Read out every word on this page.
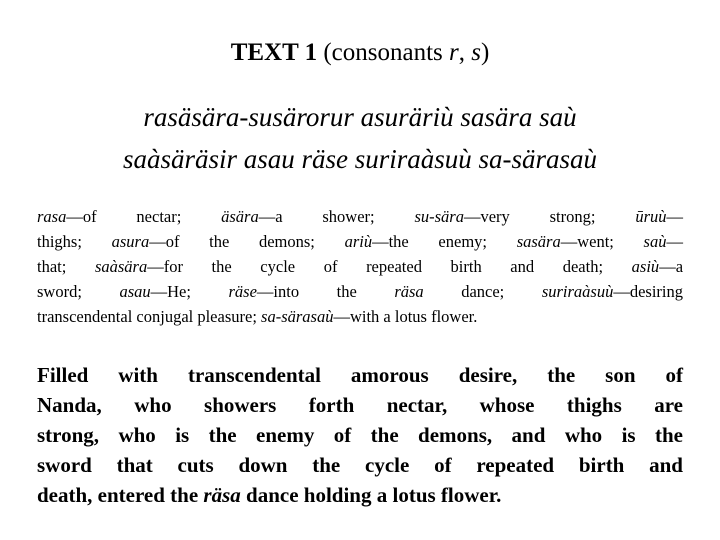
TEXT 1 (consonants r, s)
rasäsära-susärorur asuräriù sasära saù
saàsäräsir asau räse suriraàsuù sa-särasaù
rasa—of nectar; äsära—a shower; su-sära—very strong; ūruù—
thighs; asura—of the demons; ariù—the enemy; sasära—went; saù—
that; saàsära—for the cycle of repeated birth and death; asiù—a
sword; asau—He; räse—into the räsa dance; suriraàsuù—desiring
transcendental conjugal pleasure; sa-särasaù—with a lotus flower.
Filled with transcendental amorous desire, the son of
Nanda, who showers forth nectar, whose thighs are
strong, who is the enemy of the demons, and who is the
sword that cuts down the cycle of repeated birth and
death, entered the räsa dance holding a lotus flower.
